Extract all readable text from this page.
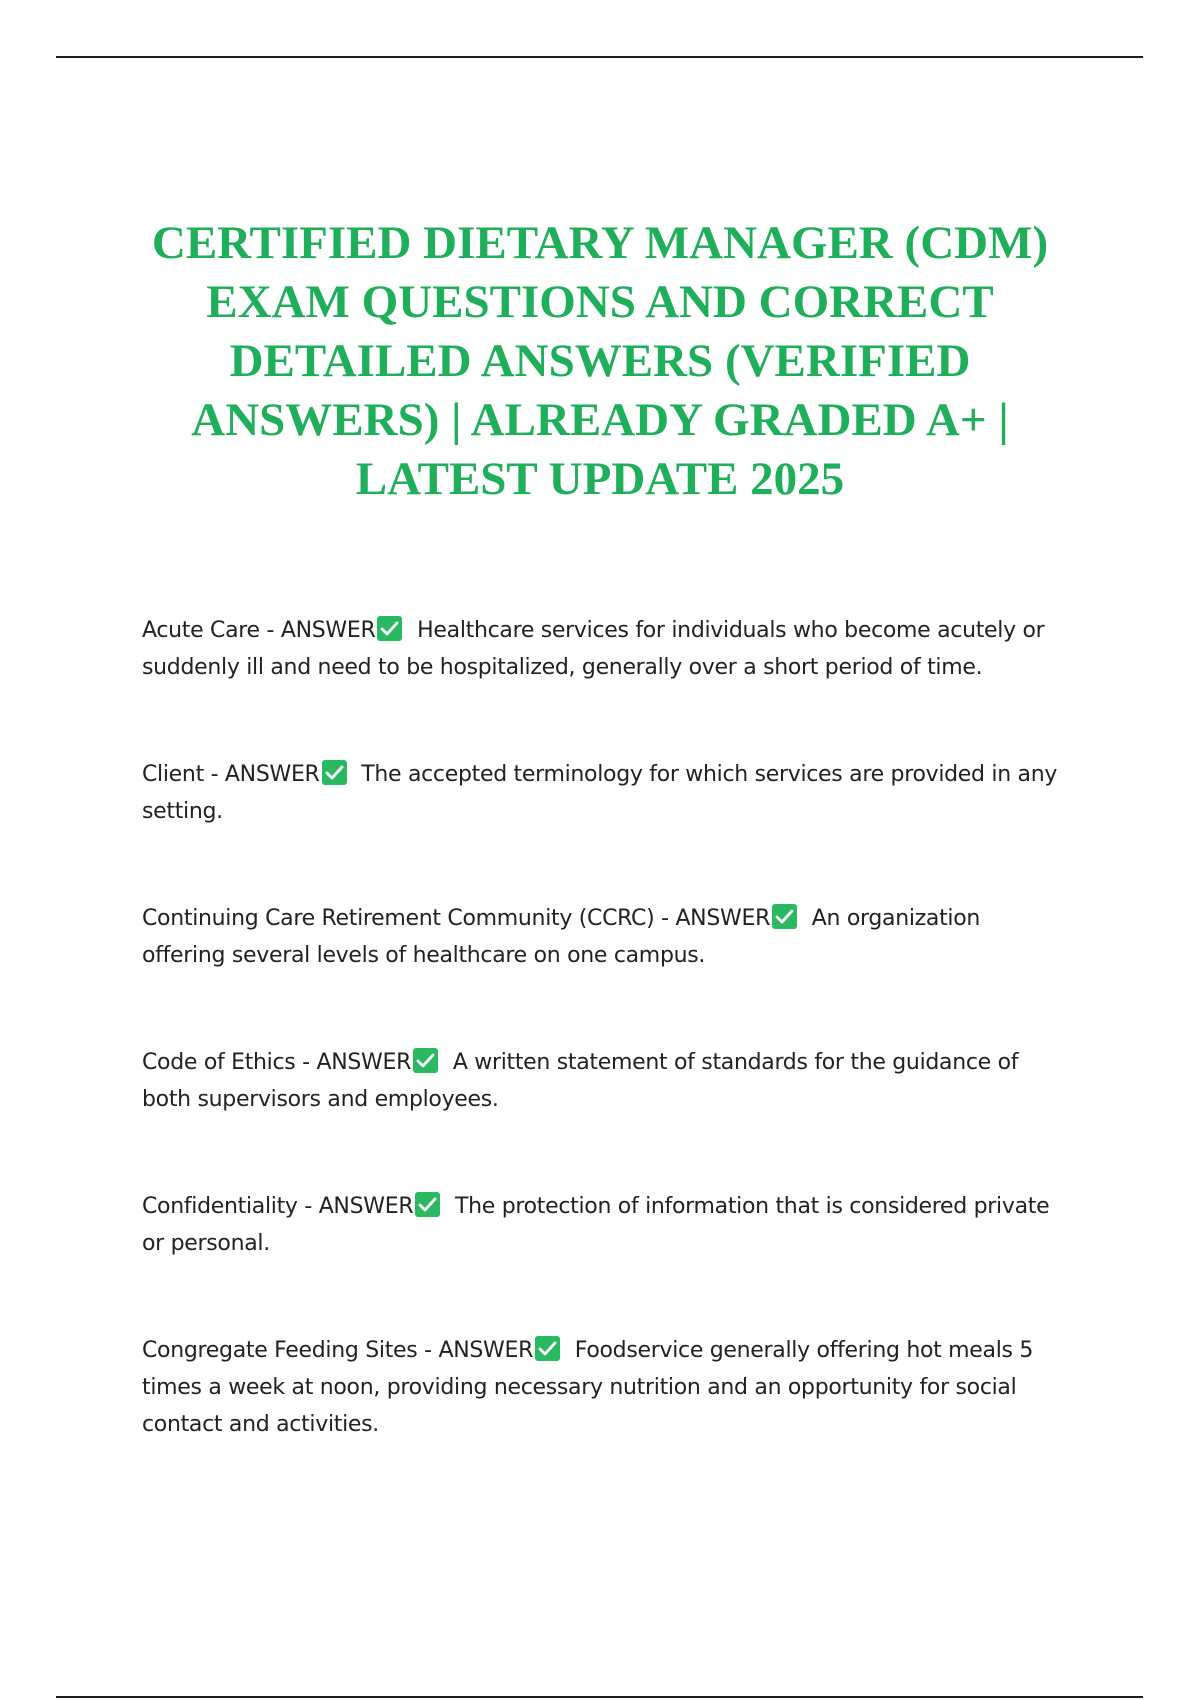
CERTIFIED DIETARY MANAGER (CDM) EXAM QUESTIONS AND CORRECT DETAILED ANSWERS (VERIFIED ANSWERS) | ALREADY GRADED A+ | LATEST UPDATE 2025

Acute Care - ANSWER Healthcare services for individuals who become acutely or suddenly ill and need to be hospitalized, generally over a short period of time.

Client - ANSWER The accepted terminology for which services are provided in any setting.

Continuing Care Retirement Community (CCRC) - ANSWER An organization offering several levels of healthcare on one campus.

Code of Ethics - ANSWER A written statement of standards for the guidance of both supervisors and employees.

Confidentiality - ANSWER The protection of information that is considered private or personal.

Congregate Feeding Sites - ANSWER Foodservice generally offering hot meals 5 times a week at noon, providing necessary nutrition and an opportunity for social contact and activities.
